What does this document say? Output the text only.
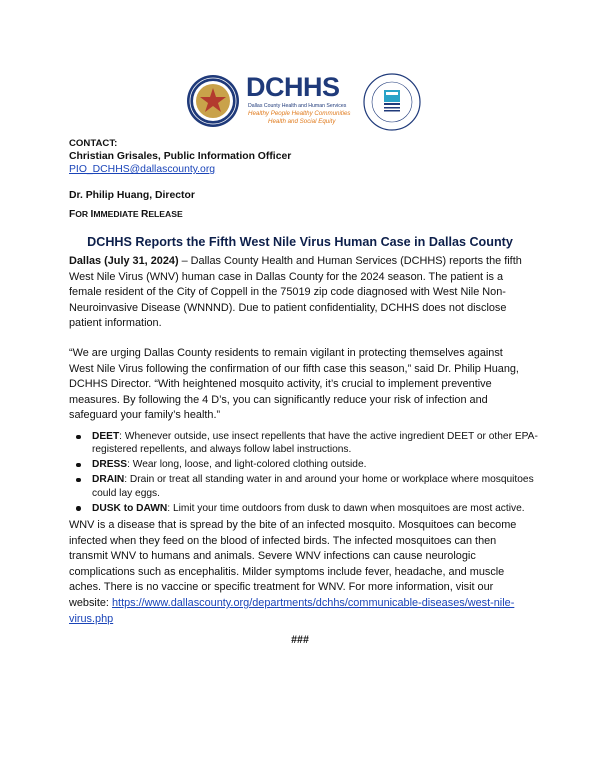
DCHHS
Dallas County Health and Human Services
Healthy People Healthy Communities
Health and Social Equity
CONTACT:
Christian Grisales, Public Information Officer
PIO_DCHHS@dallascounty.org
Dr. Philip Huang, Director
FOR IMMEDIATE RELEASE
DCHHS Reports the Fifth West Nile Virus Human Case in Dallas County

Dallas (July 31, 2024) – Dallas County Health and Human Services (DCHHS) reports the fifth

West Nile Virus (WNV) human case in Dallas County for the 2024 season. The patient is a

female resident of the City of Coppell in the 75019 zip code diagnosed with West Nile Non-

Neuroinvasive Disease (WNNND). Due to patient confidentiality, DCHHS does not disclose

patient information.

“We are urging Dallas County residents to remain vigilant in protecting themselves against

West Nile Virus following the confirmation of our fifth case this season,” said Dr. Philip Huang,

DCHHS Director. “With heightened mosquito activity, it’s crucial to implement preventive

measures. By following the 4 D’s, you can significantly reduce your risk of infection and

safeguard your family’s health.”

DEET: Whenever outside, use insect repellents that have the active ingredient DEET or other EPA-
registered repellents, and always follow label instructions.
DRESS: Wear long, loose, and light-colored clothing outside.
DRAIN: Drain or treat all standing water in and around your home or workplace where mosquitoes
could lay eggs.
DUSK to DAWN: Limit your time outdoors from dusk to dawn when mosquitoes are most active.

WNV is a disease that is spread by the bite of an infected mosquito. Mosquitoes can become

infected when they feed on the blood of infected birds. The infected mosquitoes can then

transmit WNV to humans and animals. Severe WNV infections can cause neurologic

complications such as encephalitis. Milder symptoms include fever, headache, and muscle

aches. There is no vaccine or specific treatment for WNV. For more information, visit our

website: https://www.dallascounty.org/departments/dchhs/communicable-diseases/west-nile-

virus.php

###
